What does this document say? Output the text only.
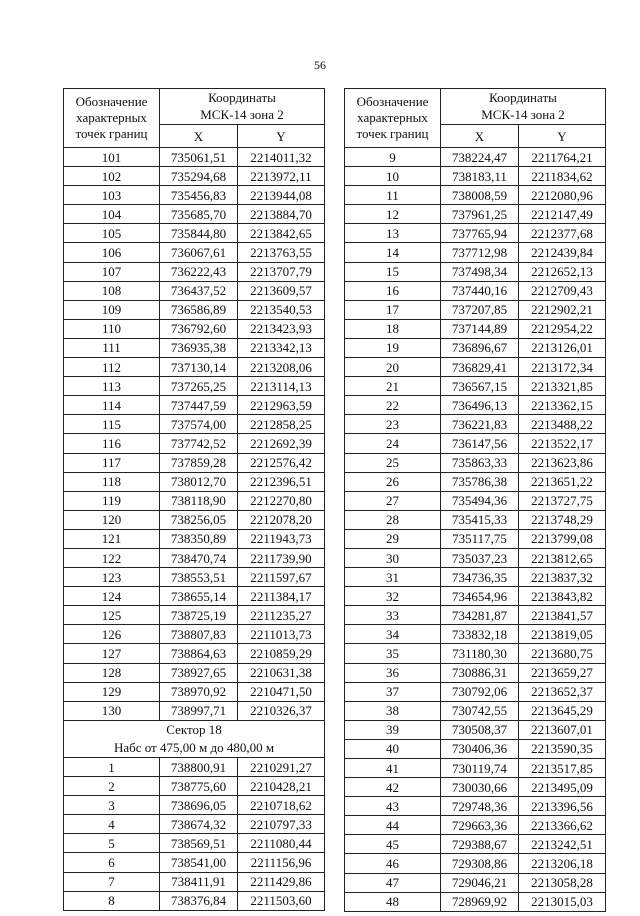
56
Обозначение
характерных
точек границ	Координаты
МСК-14 зона 2	
	X	Y
101	735061,51	2214011,32
102	735294,68	2213972,11
103	735456,83	2213944,08
104	735685,70	2213884,70
105	735844,80	2213842,65
106	736067,61	2213763,55
107	736222,43	2213707,79
108	736437,52	2213609,57
109	736586,89	2213540,53
110	736792,60	2213423,93
111	736935,38	2213342,13
112	737130,14	2213208,06
113	737265,25	2213114,13
114	737447,59	2212963,59
115	737574,00	2212858,25
116	737742,52	2212692,39
117	737859,28	2212576,42
118	738012,70	2212396,51
119	738118,90	2212270,80
120	738256,05	2212078,20
121	738350,89	2211943,73
122	738470,74	2211739,90
123	738553,51	2211597,67
124	738655,14	2211384,17
125	738725,19	2211235,27
126	738807,83	2211013,73
127	738864,63	2210859,29
128	738927,65	2210631,38
129	738970,92	2210471,50
130	738997,71	2210326,37
Сектор 18		
Набс от 475,00 м до 480,00 м		
1	738800,91	2210291,27
2	738775,60	2210428,21
3	738696,05	2210718,62
4	738674,32	2210797,33
5	738569,51	2211080,44
6	738541,00	2211156,96
7	738411,91	2211429,86
8	738376,84	2211503,60
Обозначение
характерных
точек границ	Координаты
МСК-14 зона 2	
	X	Y
9	738224,47	2211764,21
10	738183,11	2211834,62
11	738008,59	2212080,96
12	737961,25	2212147,49
13	737765,94	2212377,68
14	737712,98	2212439,84
15	737498,34	2212652,13
16	737440,16	2212709,43
17	737207,85	2212902,21
18	737144,89	2212954,22
19	736896,67	2213126,01
20	736829,41	2213172,34
21	736567,15	2213321,85
22	736496,13	2213362,15
23	736221,83	2213488,22
24	736147,56	2213522,17
25	735863,33	2213623,86
26	735786,38	2213651,22
27	735494,36	2213727,75
28	735415,33	2213748,29
29	735117,75	2213799,08
30	735037,23	2213812,65
31	734736,35	2213837,32
32	734654,96	2213843,82
33	734281,87	2213841,57
34	733832,18	2213819,05
35	731180,30	2213680,75
36	730886,31	2213659,27
37	730792,06	2213652,37
38	730742,55	2213645,29
39	730508,37	2213607,01
40	730406,36	2213590,35
41	730119,74	2213517,85
42	730030,66	2213495,09
43	729748,36	2213396,56
44	729663,36	2213366,62
45	729388,67	2213242,51
46	729308,86	2213206,18
47	729046,21	2213058,28
48	728969,92	2213015,03
